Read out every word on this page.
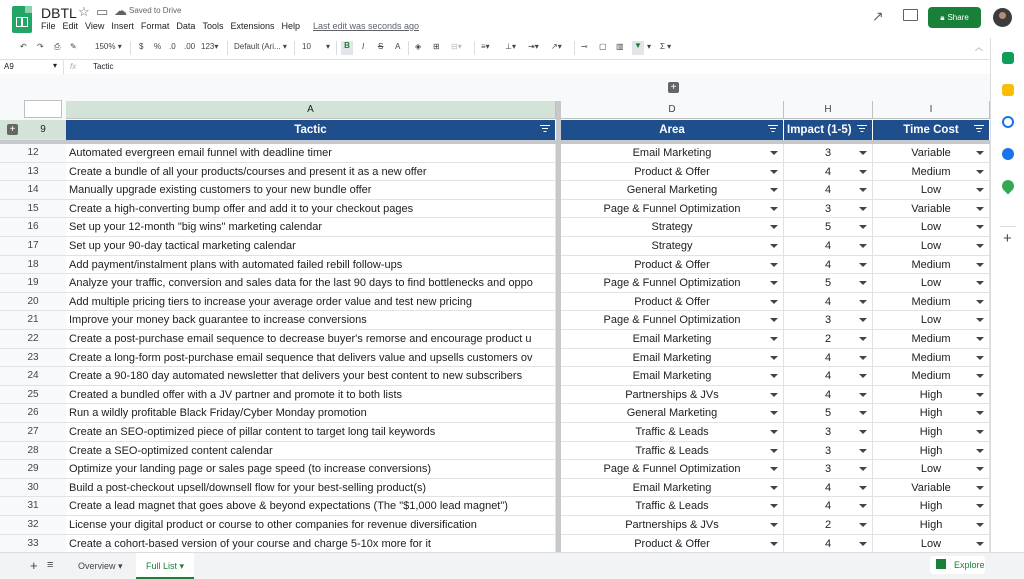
DBTL ☆ ▭ ☁ Saved to Drive
File Edit View Insert Format Data Tools Extensions Help Last edit was seconds ago
↗	🔒︎ Share
↶ ↷ ⎙ ✎ 150% ▾ $ % .0 .00 123▾ Default (Ari... ▾ 10 ▾	B	I S A ◈ ⊞ ⊟▾ ≡▾ ⊥▾ ⇥▾ ↗▾ ⊸ ▢ ▥ ▼ ▾ Σ ▾	︿
A9	▾ fx Tactic
+
A	D	H	I
+ 9	Tactic	Area	Impact (1-5)	Time Cost
12	Automated evergreen email funnel with deadline timer	Email Marketing	3	Variable
13	Create a bundle of all your products/courses and present it as a new offer	Product & Offer	4	Medium
14	Manually upgrade existing customers to your new bundle offer	General Marketing	4	Low
15	Create a high-converting bump offer and add it to your checkout pages	Page & Funnel Optimization	3	Variable
16	Set up your 12-month "big wins" marketing calendar	Strategy	5	Low
17	Set up your 90-day tactical marketing calendar	Strategy	4	Low
18	Add payment/instalment plans with automated failed rebill follow-ups	Product & Offer	4	Medium
19	Analyze your traffic, conversion and sales data for the last 90 days to find bottlenecks and oppo	Page & Funnel Optimization	5	Low
20	Add multiple pricing tiers to increase your average order value and test new pricing	Product & Offer	4	Medium
21	Improve your money back guarantee to increase conversions	Page & Funnel Optimization	3	Low
22	Create a post-purchase email sequence to decrease buyer's remorse and encourage product u	Email Marketing	2	Medium
23	Create a long-form post-purchase email sequence that delivers value and upsells customers ov	Email Marketing	4	Medium
24	Create a 90-180 day automated newsletter that delivers your best content to new subscribers	Email Marketing	4	Medium
25	Created a bundled offer with a JV partner and promote it to both lists	Partnerships & JVs	4	High
26	Run a wildly profitable Black Friday/Cyber Monday promotion	General Marketing	5	High
27	Create an SEO-optimized piece of pillar content to target long tail keywords	Traffic & Leads	3	High
28	Create a SEO-optimized content calendar	Traffic & Leads	3	High
29	Optimize your landing page or sales page speed (to increase conversions)	Page & Funnel Optimization	3	Low
30	Build a post-checkout upsell/downsell flow for your best-selling product(s)	Email Marketing	4	Variable
31	Create a lead magnet that goes above & beyond expectations (The "$1,000 lead magnet")	Traffic & Leads	4	High
32	License your digital product or course to other companies for revenue diversification	Partnerships & JVs	2	High
33	Create a cohort-based version of your course and charge 5-10x more for it	Product & Offer	4	Low
+
+ ≡	Overview ▾	Full List ▾	Explore
